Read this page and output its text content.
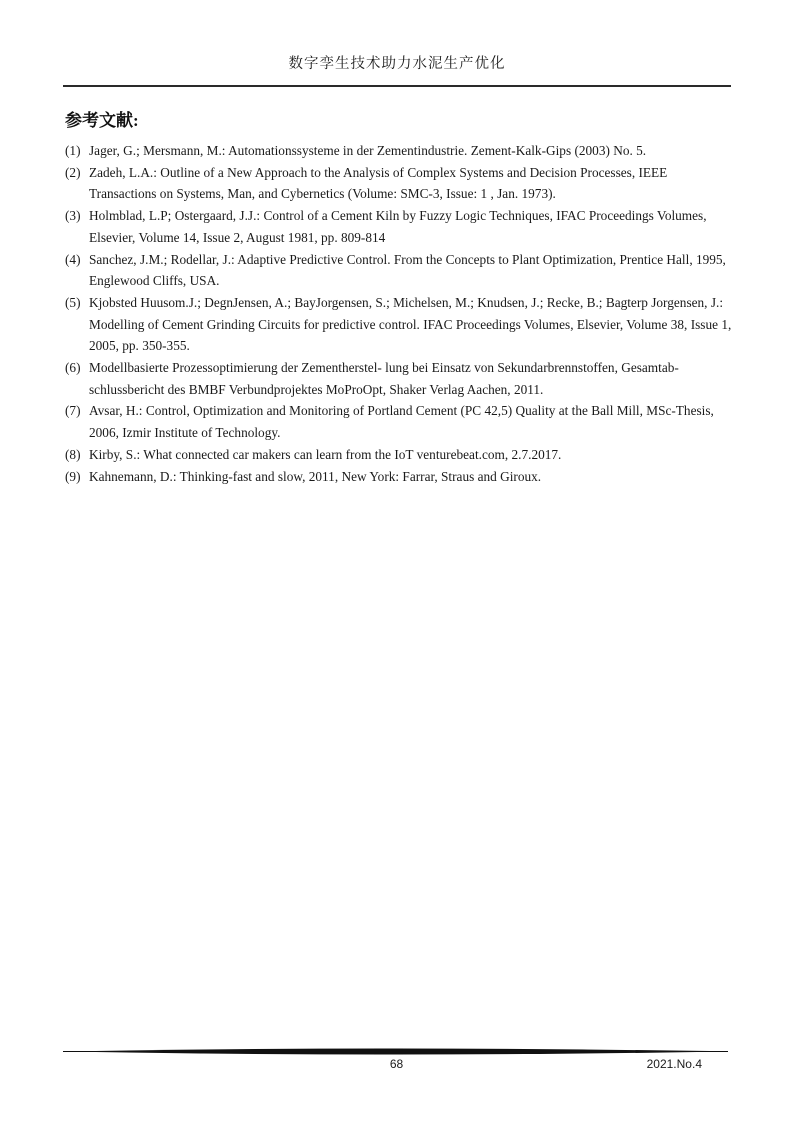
数字孪生技术助力水泥生产优化
参考文献:
(1) Jager, G.; Mersmann, M.: Automationssysteme in der Zementindustrie. Zement-Kalk-Gips (2003) No. 5.
(2) Zadeh, L.A.: Outline of a New Approach to the Analysis of Complex Systems and Decision Processes, IEEE Transactions on Systems, Man, and Cybernetics (Volume: SMC-3, Issue: 1 , Jan. 1973).
(3) Holmblad, L.P; Ostergaard, J.J.: Control of a Cement Kiln by Fuzzy Logic Techniques, IFAC Proceedings Volumes, Elsevier, Volume 14, Issue 2, August 1981, pp. 809-814
(4) Sanchez, J.M.; Rodellar, J.: Adaptive Predictive Control. From the Concepts to Plant Optimization, Prentice Hall, 1995, Englewood Cliffs, USA.
(5) Kjobsted Huusom.J.; DegnJensen, A.; BayJorgensen, S.; Michelsen, M.; Knudsen, J.; Recke, B.; Bagterp Jorgensen, J.: Modelling of Cement Grinding Circuits for predictive control. IFAC Proceedings Volumes, Elsevier, Volume 38, Issue 1, 2005, pp. 350-355.
(6) Modellbasierte Prozessoptimierung der Zementherstel- lung bei Einsatz von Sekundarbrennstoffen, Gesamtab-schlussbericht des BMBF Verbundprojektes MoProOpt, Shaker Verlag Aachen, 2011.
(7) Avsar, H.: Control, Optimization and Monitoring of Portland Cement (PC 42,5) Quality at the Ball Mill, MSc-Thesis, 2006, Izmir Institute of Technology.
(8) Kirby, S.: What connected car makers can learn from the IoT venturebeat.com, 2.7.2017.
(9) Kahnemann, D.: Thinking-fast and slow, 2011, New York: Farrar, Straus and Giroux.
68	2021.No.4
